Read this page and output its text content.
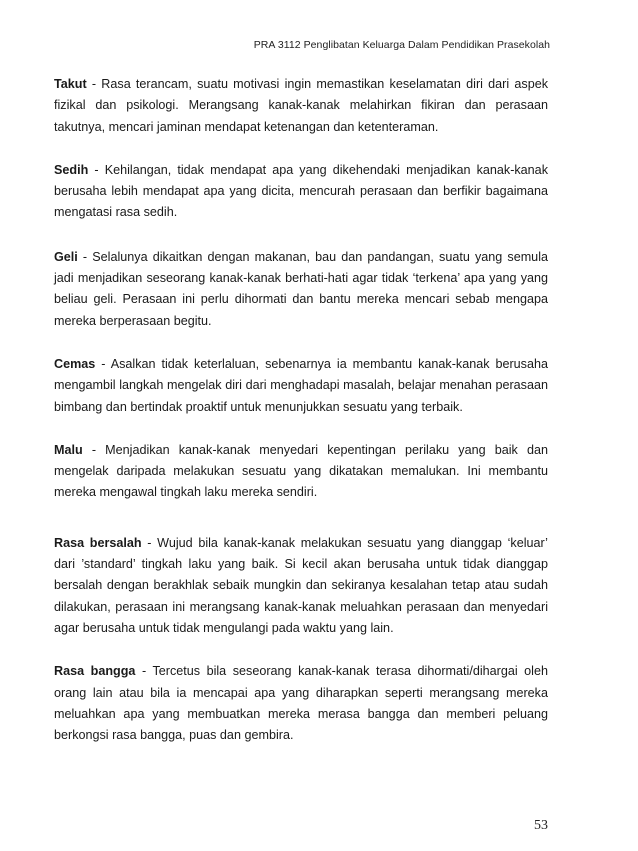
PRA 3112 Penglibatan Keluarga Dalam Pendidikan Prasekolah

Takut - Rasa terancam, suatu motivasi ingin memastikan keselamatan diri dari aspek fizikal dan psikologi. Merangsang kanak-kanak melahirkan fikiran dan perasaan takutnya, mencari jaminan mendapat ketenangan dan ketenteraman.

Sedih - Kehilangan, tidak mendapat apa yang dikehendaki menjadikan kanak-kanak berusaha lebih mendapat apa yang dicita, mencurah perasaan dan berfikir bagaimana mengatasi rasa sedih.

Geli - Selalunya dikaitkan dengan makanan, bau dan pandangan, suatu yang semula jadi menjadikan seseorang kanak-kanak berhati-hati agar tidak ‘terkena’ apa yang yang beliau geli. Perasaan ini perlu dihormati dan bantu mereka mencari sebab mengapa mereka berperasaan begitu.

Cemas - Asalkan tidak keterlaluan, sebenarnya ia membantu kanak-kanak berusaha mengambil langkah mengelak diri dari menghadapi masalah, belajar menahan perasaan bimbang dan bertindak proaktif untuk menunjukkan sesuatu yang terbaik.

Malu - Menjadikan kanak-kanak menyedari kepentingan perilaku yang baik dan mengelak daripada melakukan sesuatu yang dikatakan memalukan. Ini membantu mereka mengawal tingkah laku mereka sendiri.

Rasa bersalah - Wujud bila kanak-kanak melakukan sesuatu yang dianggap ‘keluar’ dari ’standard’ tingkah laku yang baik. Si kecil akan berusaha untuk tidak dianggap bersalah dengan berakhlak sebaik mungkin dan sekiranya kesalahan tetap atau sudah dilakukan, perasaan ini merangsang kanak-kanak meluahkan perasaan dan menyedari agar berusaha untuk tidak mengulangi pada waktu yang lain.

Rasa bangga - Tercetus bila seseorang kanak-kanak terasa dihormati/dihargai oleh orang lain atau bila ia mencapai apa yang diharapkan seperti merangsang mereka meluahkan apa yang membuatkan mereka merasa bangga dan memberi peluang berkongsi rasa bangga, puas dan gembira.

53
